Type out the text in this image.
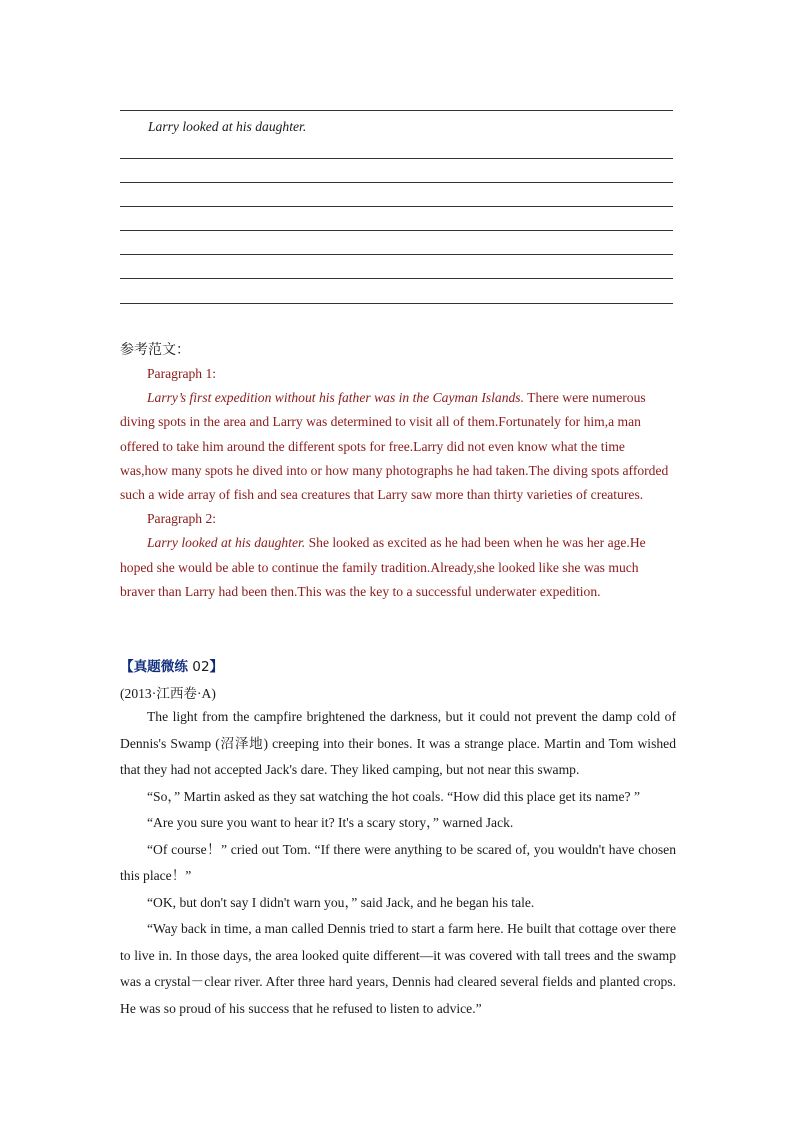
Larry looked at his daughter.
参考范文：

Paragraph 1:

Larry’s first expedition without his father was in the Cayman Islands. There were numerous diving spots in the area and Larry was determined to visit all of them.Fortunately for him,a man offered to take him around the different spots for free.Larry did not even know what the time was,how many spots he dived into or how many photographs he had taken.The diving spots afforded such a wide array of fish and sea creatures that Larry saw more than thirty varieties of creatures.

Paragraph 2:

Larry looked at his daughter. She looked as excited as he had been when he was her age.He hoped she would be able to continue the family tradition.Already,she looked like she was much braver than Larry had been then.This was the key to a successful underwater expedition.

【真题微练 02】
(2013·江西卷·A)

The light from the campfire brightened the darkness, but it could not prevent the damp cold of Dennis's Swamp (沼泽地) creeping into their bones. It was a strange place. Martin and Tom wished that they had not accepted Jack's dare. They liked camping, but not near this swamp.

“So，” Martin asked as they sat watching the hot coals. “How did this place get its name? ”

“Are you sure you want to hear it? It's a scary story，” warned Jack.

“Of course！” cried out Tom. “If there were anything to be scared of, you wouldn't have chosen this place！”

“OK, but don't say I didn't warn you，” said Jack, and he began his tale.

“Way back in time, a man called Dennis tried to start a farm here. He built that cottage over there to live in. In those days, the area looked quite different—it was covered with tall trees and the swamp was a crystal－clear river. After three hard years, Dennis had cleared several fields and planted crops. He was so proud of his success that he refused to listen to advice.”
